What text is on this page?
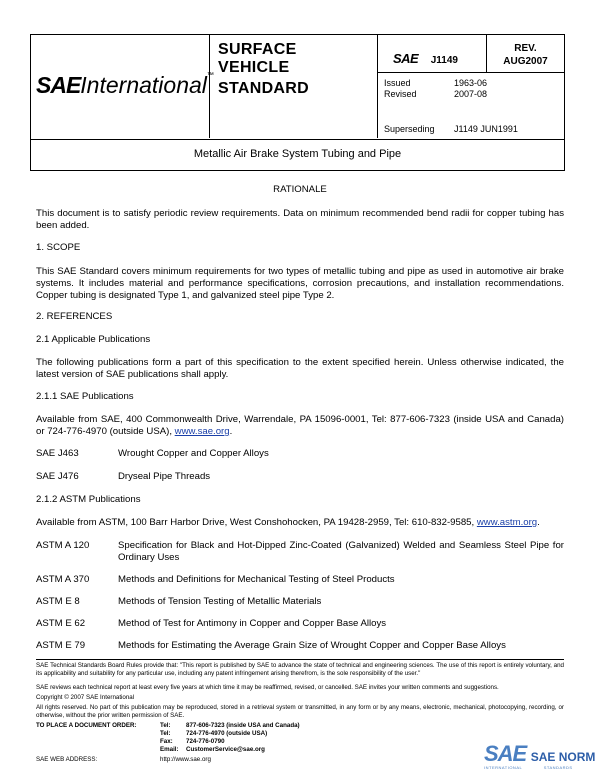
SAEInternational™
SURFACE
VEHICLE
STANDARD
SAE J1149
REV.
AUG2007
Issued	1963-06
Revised	2007-08
Superseding J1149 JUN1991
Metallic Air Brake System Tubing and Pipe
RATIONALE
This document is to satisfy periodic review requirements. Data on minimum recommended bend radii for copper tubing has been added.
1. SCOPE
This SAE Standard covers minimum requirements for two types of metallic tubing and pipe as used in automotive air brake systems. It includes material and performance specifications, corrosion precautions, and installation recommendations. Copper tubing is designated Type 1, and galvanized steel pipe Type 2.
2. REFERENCES
2.1 Applicable Publications
The following publications form a part of this specification to the extent specified herein. Unless otherwise indicated, the latest version of SAE publications shall apply.
2.1.1 SAE Publications
Available from SAE, 400 Commonwealth Drive, Warrendale, PA 15096-0001, Tel: 877-606-7323 (inside USA and Canada) or 724-776-4970 (outside USA), www.sae.org.
SAE J463	Wrought Copper and Copper Alloys
SAE J476	Dryseal Pipe Threads
2.1.2 ASTM Publications
Available from ASTM, 100 Barr Harbor Drive, West Conshohocken, PA 19428-2959, Tel: 610-832-9585, www.astm.org.
ASTM A 120	Specification for Black and Hot-Dipped Zinc-Coated (Galvanized) Welded and Seamless Steel Pipe for Ordinary Uses
ASTM A 370	Methods and Definitions for Mechanical Testing of Steel Products
ASTM E 8	Methods of Tension Testing of Metallic Materials
ASTM E 62	Method of Test for Antimony in Copper and Copper Base Alloys
ASTM E 79	Methods for Estimating the Average Grain Size of Wrought Copper and Copper Base Alloys
SAE Technical Standards Board Rules provide that: "This report is published by SAE to advance the state of technical and engineering sciences. The use of this report is entirely voluntary, and its applicability and suitability for any particular use, including any patent infringement arising therefrom, is the sole responsibility of the user."
SAE reviews each technical report at least every five years at which time it may be reaffirmed, revised, or cancelled. SAE invites your written comments and suggestions.
Copyright © 2007 SAE International
All rights reserved. No part of this publication may be reproduced, stored in a retrieval system or transmitted, in any form or by any means, electronic, mechanical, photocopying, recording, or otherwise, without the prior written permission of SAE.
TO PLACE A DOCUMENT ORDER:	Tel:	877-606-7323 (inside USA and Canada)
Tel:	724-776-4970 (outside USA)
Fax:	724-776-0790
Email:	CustomerService@sae.org
SAE WEB ADDRESS:	http://www.sae.org	SAE SAE NORM
INTERNATIONAL	STANDARDS
